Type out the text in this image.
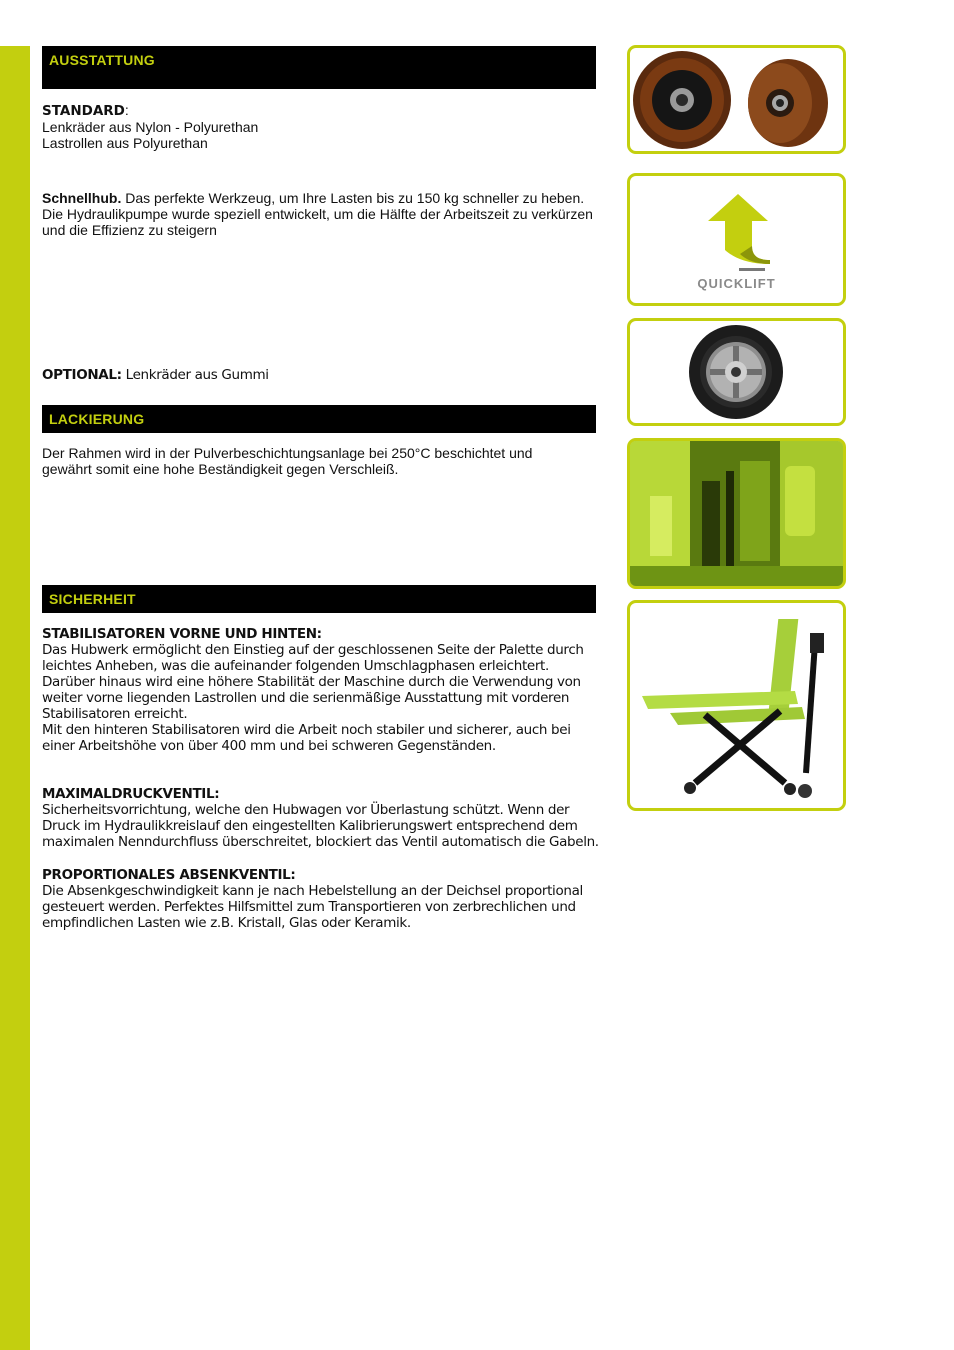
AUSSTATTUNG
STANDARD:
Lenkräder aus Nylon - Polyurethan
Lastrollen aus Polyurethan
Schnellhub. Das perfekte Werkzeug, um Ihre Lasten bis zu 150 kg schneller zu heben. Die Hydraulikpumpe wurde speziell entwickelt, um die Hälfte der Arbeitszeit zu verkürzen und die Effizienz zu steigern
OPTIONAL: Lenkräder aus Gummi
LACKIERUNG
Der Rahmen wird in der Pulverbeschichtungsanlage bei 250°C beschichtet und gewährt somit eine hohe Beständigkeit gegen Verschleiß.
SICHERHEIT
STABILISATOREN VORNE UND HINTEN:
Das Hubwerk ermöglicht den Einstieg auf der geschlossenen Seite der Palette durch
leichtes Anheben, was die aufeinander folgenden Umschlagphasen erleichtert.
Darüber hinaus wird eine höhere Stabilität der Maschine durch die Verwendung von
weiter vorne liegenden Lastrollen und die serienmäßige Ausstattung mit vorderen
Stabilisatoren erreicht.
Mit den hinteren Stabilisatoren wird die Arbeit noch stabiler und sicherer, auch bei
einer Arbeitshöhe von über 400 mm und bei schweren Gegenständen.
MAXIMALDRUCKVENTIL:
Sicherheitsvorrichtung, welche den Hubwagen vor Überlastung schützt. Wenn der
Druck im Hydraulikkreislauf den eingestellten Kalibrierungswert entsprechend dem
maximalen Nenndurchfluss überschreitet, blockiert das Ventil automatisch die Gabeln.
PROPORTIONALES ABSENKVENTIL:
Die Absenkgeschwindigkeit kann je nach Hebelstellung an der Deichsel proportional
gesteuert werden. Perfektes Hilfsmittel zum Transportieren von zerbrechlichen und
empfindlichen Lasten wie z.B. Kristall, Glas oder Keramik.
QUICKLIFT
